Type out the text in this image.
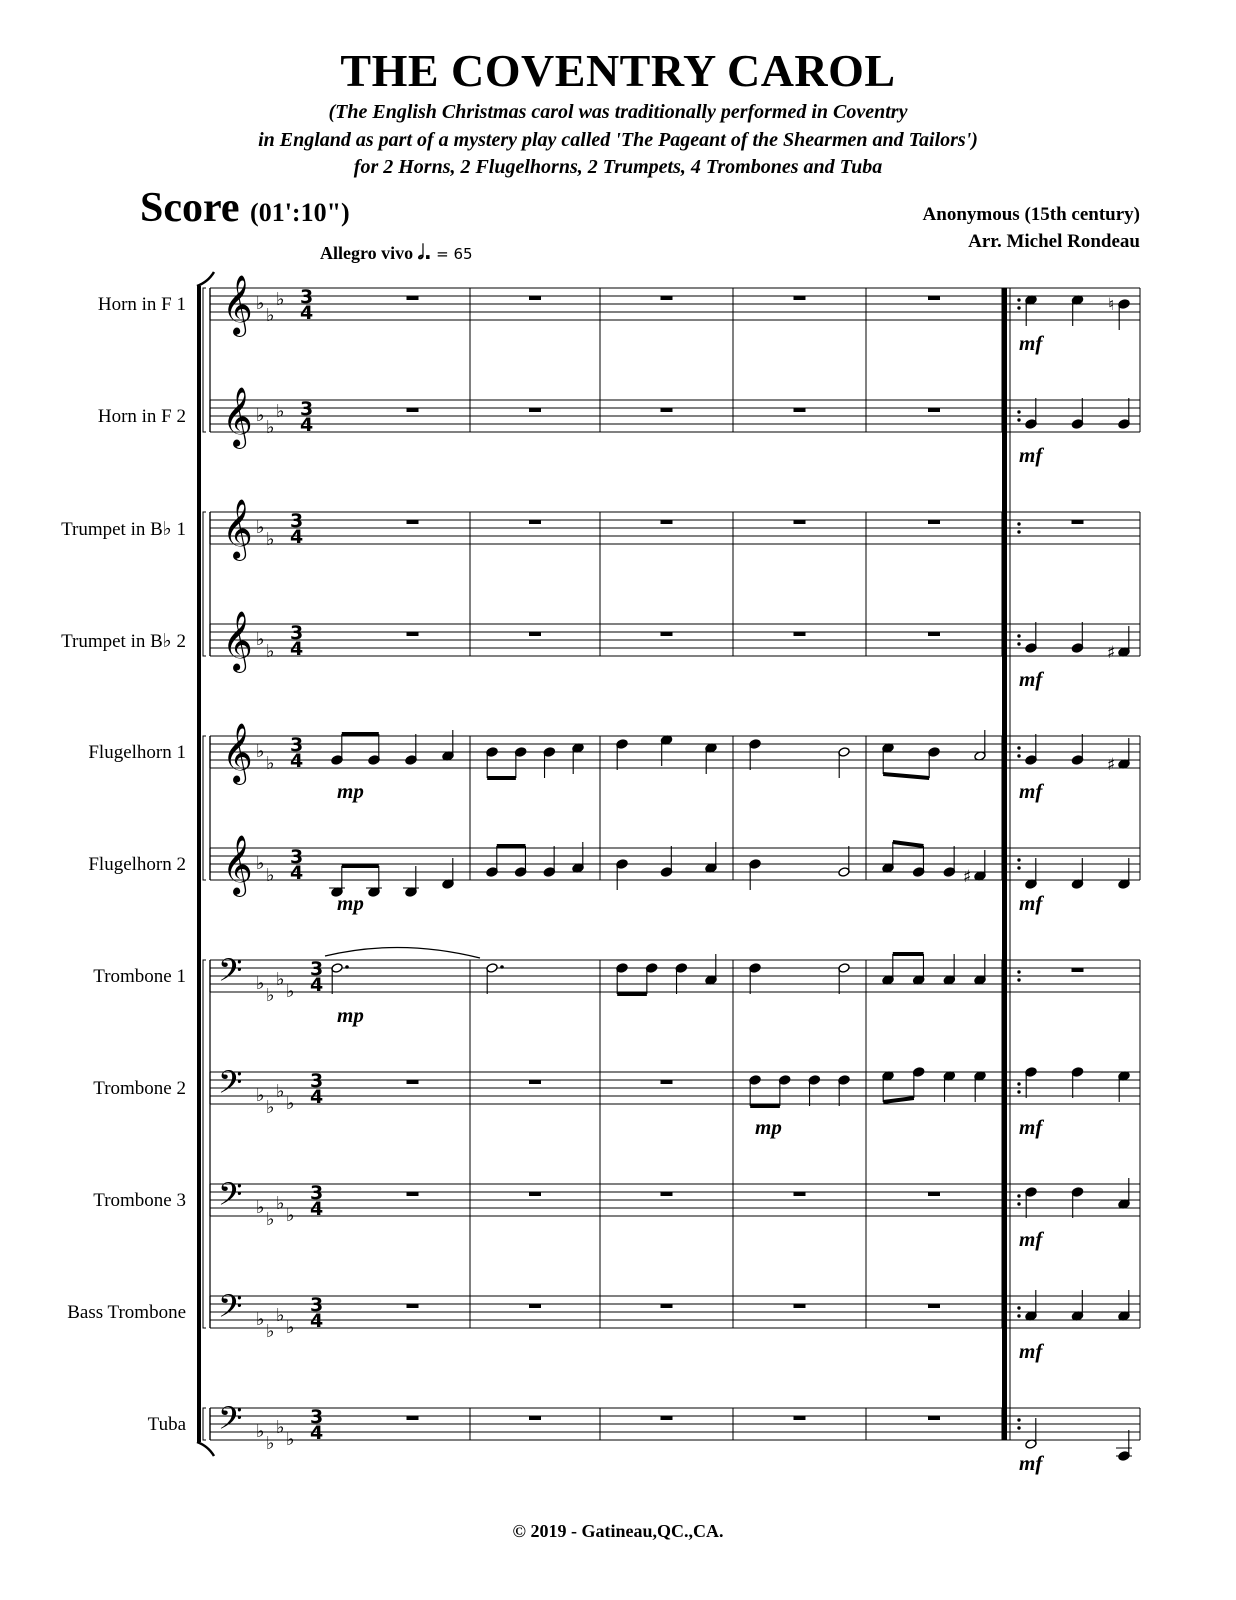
THE COVENTRY CAROL
(The English Christmas carol was traditionally performed in Coventry
in England as part of a mystery play called 'The Pageant of the Shearmen and Tailors')
for 2 Horns, 2 Flugelhorns, 2 Trumpets, 4 Trombones and Tuba
Score (01':10")	Anonymous (15th century)
Arr. Michel Rondeau
Allegro vivo 𝅗𝅥. = 65
Horn in F 1
Horn in F 2
Trumpet in B♭ 1
Trumpet in B♭ 2
Flugelhorn 1
Flugelhorn 2
Trombone 1
Trombone 2
Trombone 3
Bass Trombone
Tuba
𝄞 ♭
♭
♭ 3
4	♮
mf
𝄞 ♭
♭
♭ 3
4
mf
𝄞 ♭
♭
3
4
𝄞 ♭
♭
3
4	♯
mf
𝄞 ♭
♭
3
4	♯
mp	mf
𝄞 ♭
♭
3
4	♯
mp	mf
𝄢 ♭
♭
♭
♭
3
4
mp
𝄢 ♭
♭
♭
♭
3
4
mp	mf
𝄢 ♭
♭
♭
♭
3
4
mf
𝄢 ♭
♭
♭
♭
3
4
mf
𝄢 ♭
♭
♭
♭
3
4
mf
© 2019 - Gatineau,QC.,CA.
